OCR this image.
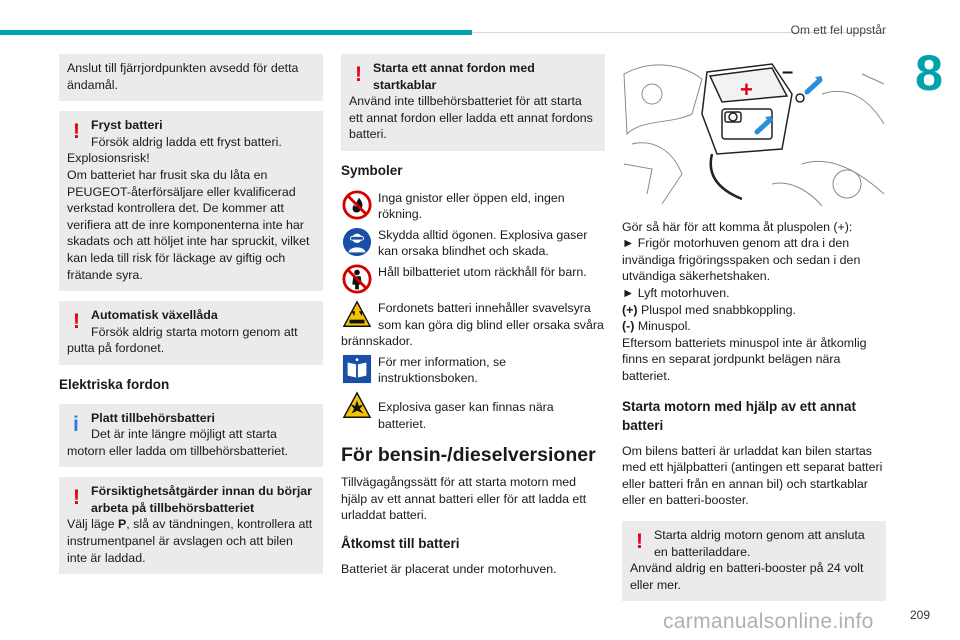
Om ett fel uppstår
8
Anslut till fjärrjordpunkten avsedd för detta ändamål.
! Fryst batteri
Försök aldrig ladda ett fryst batteri.
Explosionsrisk!
Om batteriet har frusit ska du låta en PEUGEOT-återförsäljare eller kvalificerad verkstad kontrollera det. De kommer att verifiera att de inre komponenterna inte har skadats och att höljet inte har spruckit, vilket kan leda till risk för läckage av giftig och frätande syra.
! Automatisk växellåda
Försök aldrig starta motorn genom att
putta på fordonet.
Elektriska fordon
i Platt tillbehörsbatteri
Det är inte längre möjligt att starta
motorn eller ladda om tillbehörsbatteriet.
! Försiktighetsåtgärder innan du börjar arbeta på tillbehörsbatteriet
Välj läge P, slå av tändningen, kontrollera att instrumentpanel är avslagen och att bilen inte är laddad.
! Starta ett annat fordon med startkablar
Använd inte tillbehörsbatteriet för att starta ett annat fordon eller ladda ett annat fordons batteri.
Symboler
Inga gnistor eller öppen eld, ingen rökning.
Skydda alltid ögonen. Explosiva gaser kan orsaka blindhet och skada.
Håll bilbatteriet utom räckhåll för barn.
Fordonets batteri innehåller svavelsyra som kan göra dig blind eller orsaka svåra brännskador.
För mer information, se instruktionsboken.
Explosiva gaser kan finnas nära batteriet.
För bensin-/dieselversioner
Tillvägagångssätt för att starta motorn med hjälp av ett annat batteri eller för att ladda ett urladdat batteri.
Åtkomst till batteri
Batteriet är placerat under motorhuven.
+
–
Gör så här för att komma åt pluspolen (+):
► Frigör motorhuven genom att dra i den invändiga frigöringsspaken och sedan i den utvändiga säkerhetshaken.
► Lyft motorhuven.
(+) Pluspol med snabbkoppling.
(-) Minuspol.
Eftersom batteriets minuspol inte är åtkomlig finns en separat jordpunkt belägen nära batteriet.
Starta motorn med hjälp av ett annat batteri
Om bilens batteri är urladdat kan bilen startas med ett hjälpbatteri (antingen ett separat batteri eller batteri från en annan bil) och startkablar eller en batteri-booster.
! Starta aldrig motorn genom att ansluta en batteriladdare.
Använd aldrig en batteri-booster på 24 volt eller mer.
209
carmanualsonline.info
